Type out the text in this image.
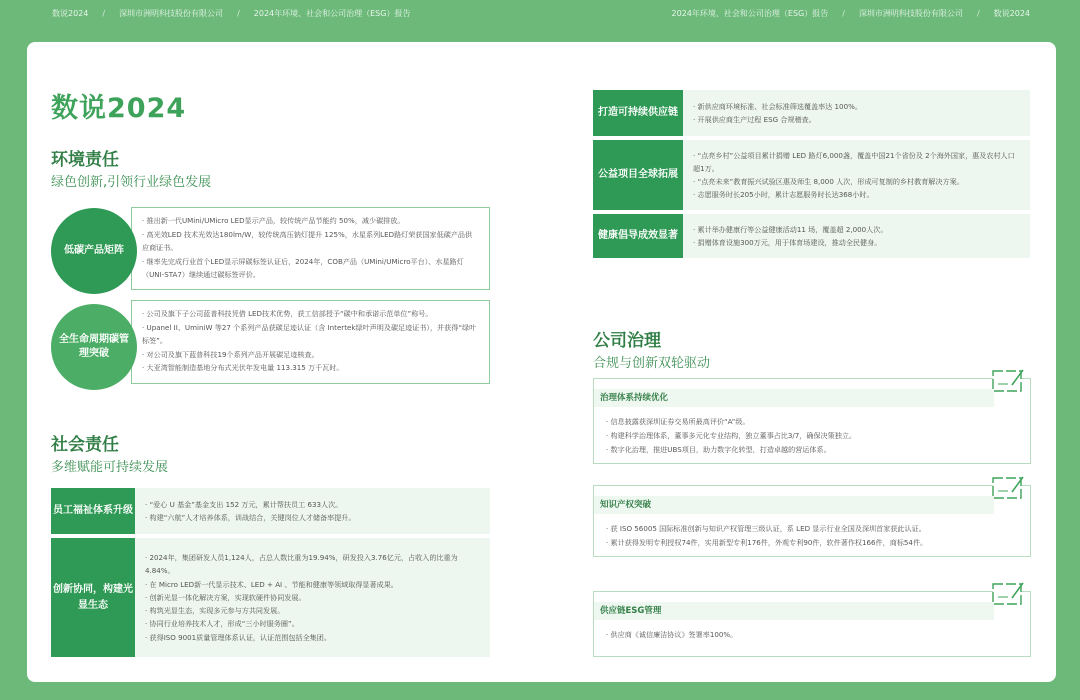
数说2024 / 深圳市洲明科技股份有限公司 / 2024年环境、社会和公司治理（ESG）报告	2024年环境、社会和公司治理（ESG）报告 / 深圳市洲明科技股份有限公司 / 数说2024
数说2024
环境责任
绿色创新,引领行业绿色发展

· 推出新一代UMini/UMicro LED显示产品，较传统产品节能约 50%，减少碳排放。

· 高光效LED 技术光效达180lm/W，较传统高压钠灯提升 125%，水星系列LED路灯荣获国家低碳产品供应商证书。

· 继率先完成行业首个LED显示屏碳标签认证后，2024年，COB产品（UMini/UMicro平台）、水星路灯（UNI-STA7）继续通过碳标签评价。

低碳产品矩阵

· 公司及旗下子公司蓝普科技凭借 LED技术优势，获工信部授予“碳中和承诺示范单位”称号。

· Upanel II、UminiW 等27 个系列产品获碳足迹认证（含 Intertek绿叶声明及碳足迹证书），并获得“绿叶标签”。

· 对公司及旗下蓝普科技19个系列产品开展碳足迹核查。

· 大亚湾智能制造基地分布式光伏年发电量 113.315 万千瓦时。

全生命周期碳管理突破
社会责任
多维赋能可持续发展
员工福祉体系升级

· “爱心 U 基金”基金支出 152 万元，累计帮扶员工 633人次。

· 构建“六航”人才培养体系，训战结合，关键岗位人才储备率提升。

创新协同，构建光显生态

· 2024年，集团研发人员1,124人，占总人数比重为19.94%，研发投入3.76亿元，占收入的比重为4.84%。

· 在 Micro LED新一代显示技术、LED + AI 、节能和健康等领域取得显著成果。

· 创新光显一体化解决方案，实现软硬件协同发展。

· 构筑光显生态，实现多元参与方共同发展。

· 协同行业培养技术人才，形成“三小时服务圈”。

· 获得ISO 9001质量管理体系认证，认证范围包括全集团。

打造可持续供应链

· 新供应商环境标准、社会标准筛选覆盖率达 100%。

· 开展供应商生产过程 ESG 合规稽查。

公益项目全球拓展

· “点亮乡村”公益项目累计捐赠 LED 路灯6,000盏，覆盖中国21个省份及 2个海外国家，惠及农村人口超1万。

· “点亮未来”教育振兴试验区惠及师生 8,000 人次，形成可复制的乡村教育解决方案。

· 志愿服务时长205小时，累计志愿服务时长达368小时。

健康倡导成效显著

· 累计举办健康行等公益健康活动11 场，覆盖超 2,000人次。

· 捐赠体育设施300万元，用于体育场建设，推动全民健身。

公司治理
合规与创新双轮驱动
治理体系持续优化

· 信息披露获深圳证券交易所最高评价“A”级。

· 构建科学治理体系，董事多元化专业结构，独立董事占比3/7，确保决策独立。

· 数字化治理，推进UBS项目，助力数字化转型，打造卓越的营运体系。

知识产权突破

· 获 ISO 56005 国际标准创新与知识产权管理三级认证，系 LED 显示行业全国及深圳首家获此认证。

· 累计获得发明专利授权74件，实用新型专利176件，外观专利90件，软件著作权166件，商标54件。

供应链ESG管理

· 供应商《诚信廉洁协议》签署率100%。
